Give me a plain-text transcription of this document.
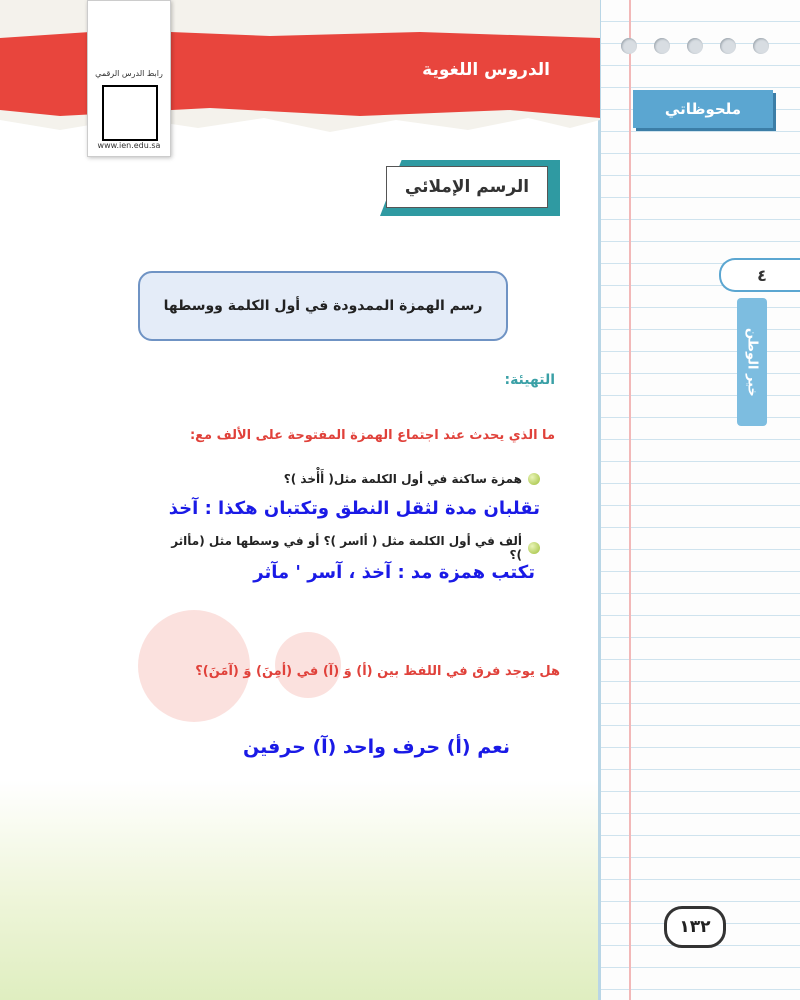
ملحوظاتي
٤
خير الوطن
الدروس اللغوية
رابط الدرس الرقمي
www.ien.edu.sa
الرسم الإملائي
رسم الهمزة الممدودة في أول الكلمة ووسطها
التهيئة:
ما الذي يحدث عند اجتماع الهمزة المفتوحة على الألف مع:
همزة ساكنة في أول الكلمة مثل( أَأْخذ )؟
تقلبان مدة لثقل النطق وتكتبان هكذا : آخذ
ألف في أول الكلمة مثل ( أاسر )؟ أو في وسطها مثل (مأاثر )؟
تكتب همزة مد : آخذ ، آسر ' مآثر
هل يوجد فرق في اللفظ بين (أ) وَ (آ) في (أمِنَ) وَ (آمَنَ)؟
نعم (أ) حرف واحد (آ) حرفين
١٣٢
